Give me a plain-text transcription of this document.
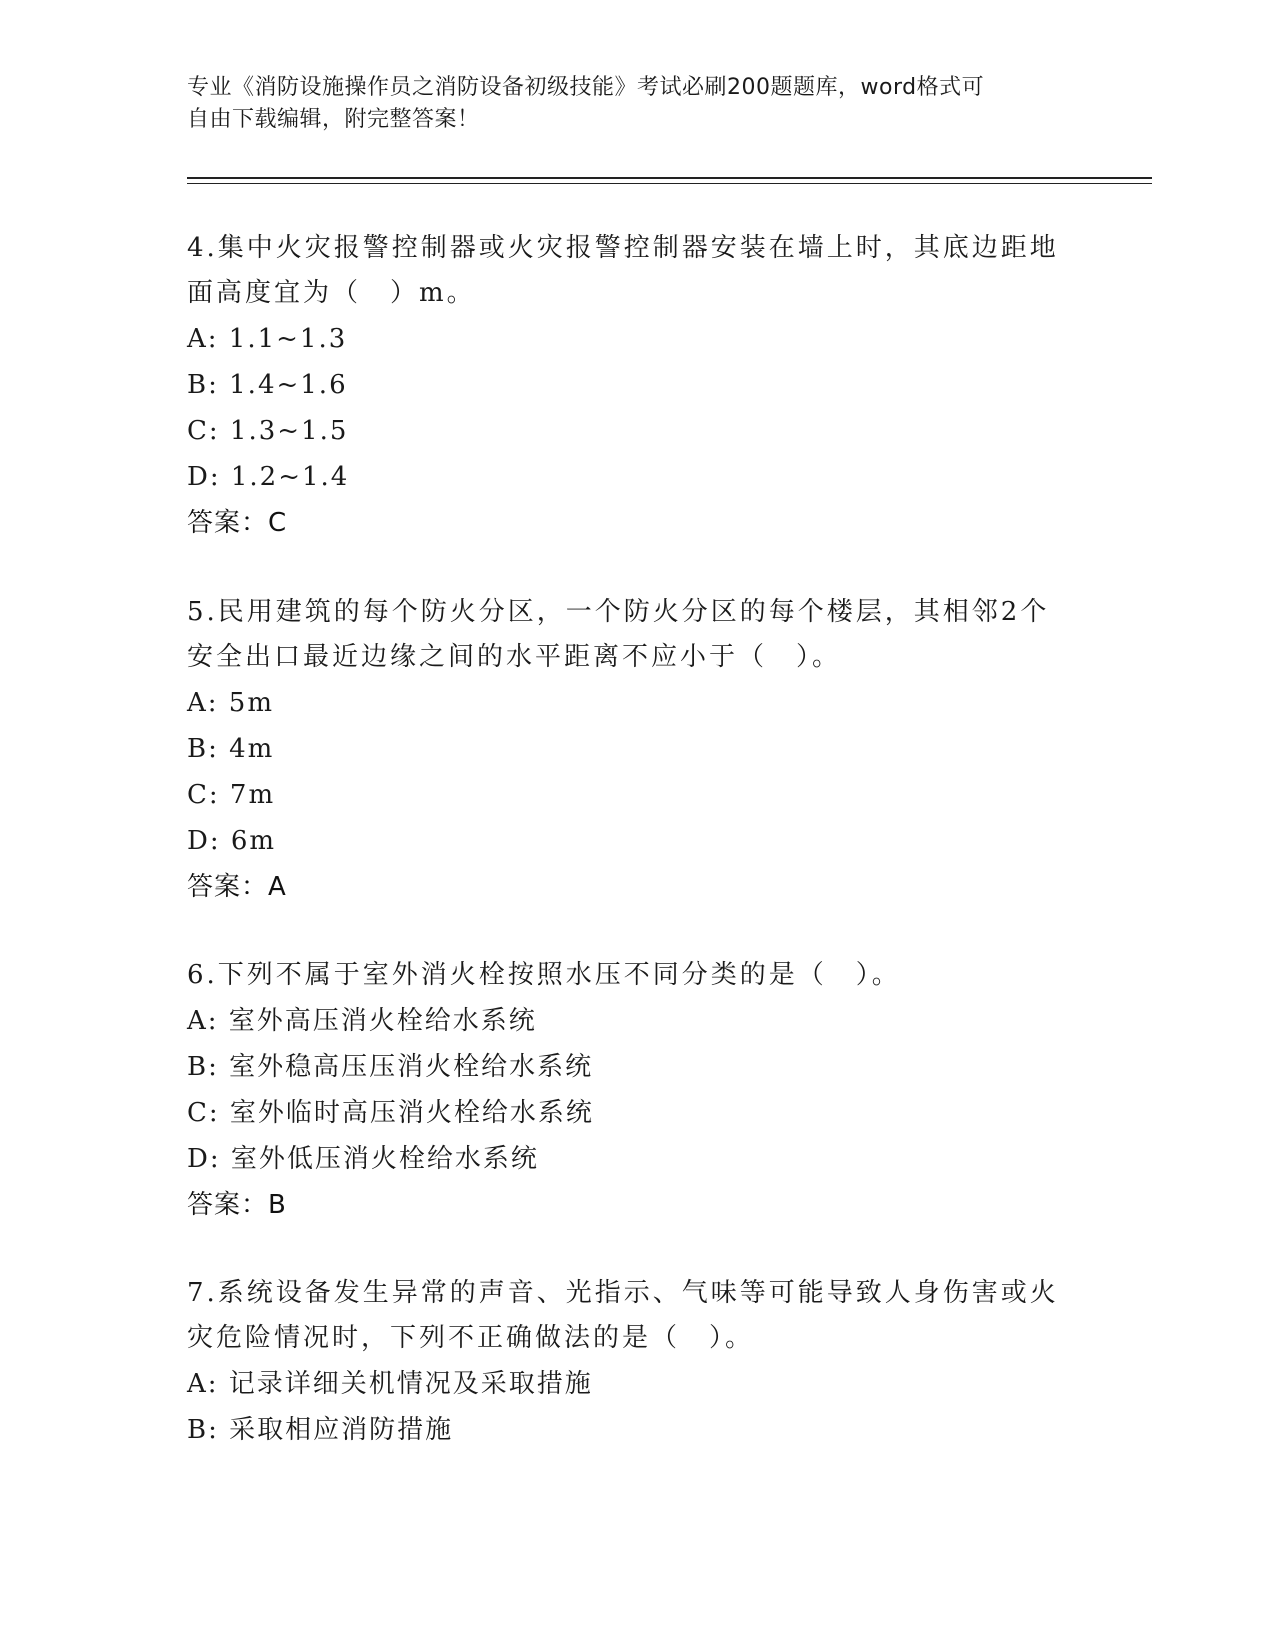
专业《消防设施操作员之消防设备初级技能》考试必刷200题题库，word格式可
自由下载编辑，附完整答案！
4.集中火灾报警控制器或火灾报警控制器安装在墙上时，其底边距地
面高度宜为（　）m。
A: 1.1~1.3
B: 1.4~1.6
C: 1.3~1.5
D: 1.2~1.4
答案：C
5.民用建筑的每个防火分区，一个防火分区的每个楼层，其相邻2个
安全出口最近边缘之间的水平距离不应小于（　）。
A: 5m
B: 4m
C: 7m
D: 6m
答案：A
6.下列不属于室外消火栓按照水压不同分类的是（　）。
A: 室外高压消火栓给水系统
B: 室外稳高压压消火栓给水系统
C: 室外临时高压消火栓给水系统
D: 室外低压消火栓给水系统
答案：B
7.系统设备发生异常的声音、光指示、气味等可能导致人身伤害或火
灾危险情况时，下列不正确做法的是（　）。
A: 记录详细关机情况及采取措施
B: 采取相应消防措施
